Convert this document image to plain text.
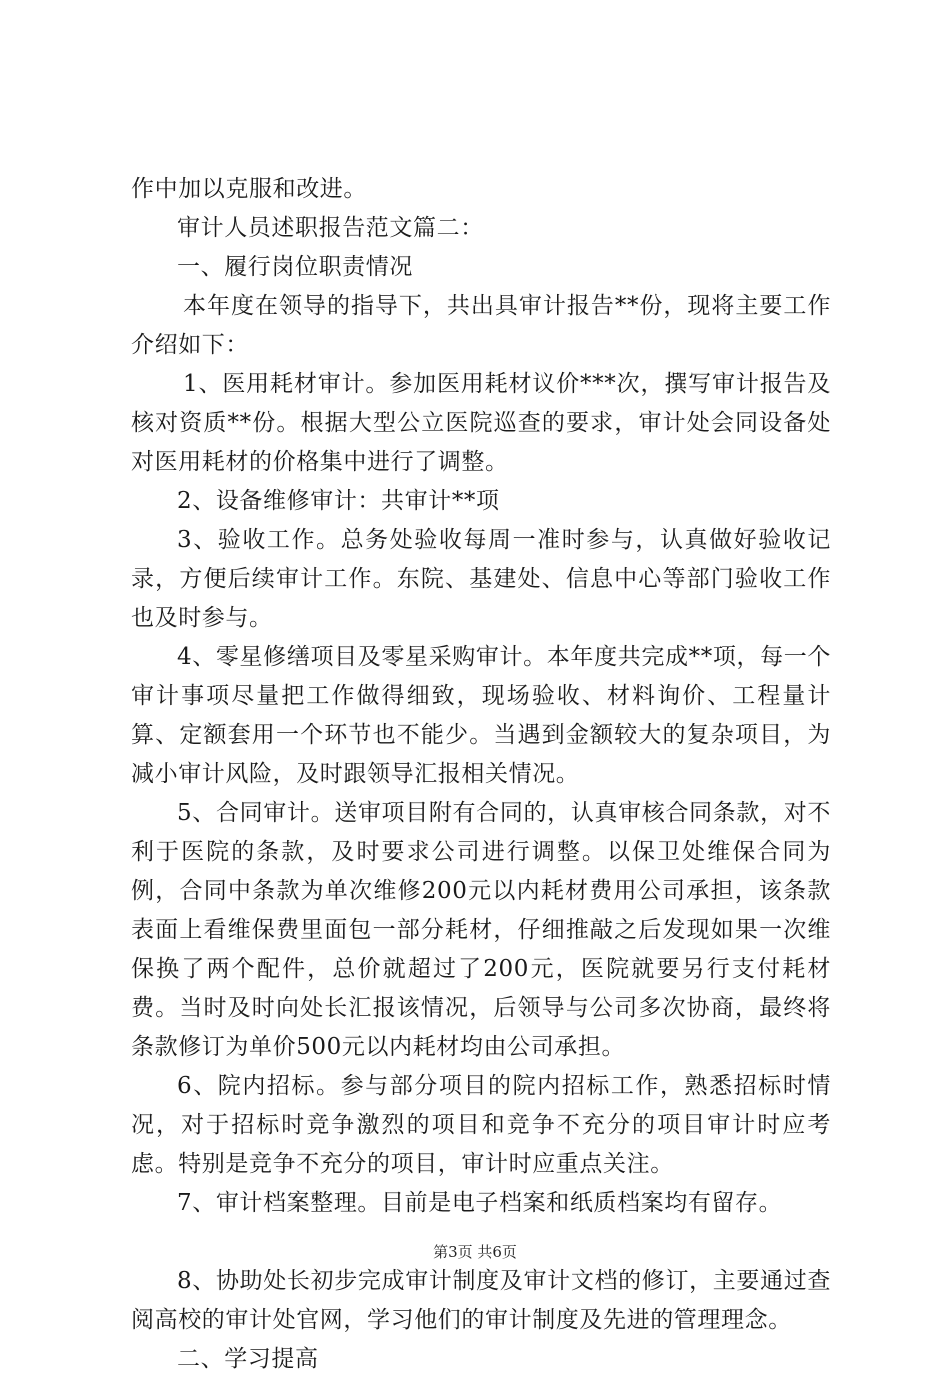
作中加以克服和改进。

审计人员述职报告范文篇二：

一、履行岗位职责情况

本年度在领导的指导下，共出具审计报告**份，现将主要工作介绍如下：

1、医用耗材审计。参加医用耗材议价***次，撰写审计报告及核对资质**份。根据大型公立医院巡查的要求，审计处会同设备处对医用耗材的价格集中进行了调整。

2、设备维修审计：共审计**项

3、验收工作。总务处验收每周一准时参与，认真做好验收记录，方便后续审计工作。东院、基建处、信息中心等部门验收工作也及时参与。

4、零星修缮项目及零星采购审计。本年度共完成**项，每一个审计事项尽量把工作做得细致，现场验收、材料询价、工程量计算、定额套用一个环节也不能少。当遇到金额较大的复杂项目，为减小审计风险，及时跟领导汇报相关情况。

5、合同审计。送审项目附有合同的，认真审核合同条款，对不利于医院的条款，及时要求公司进行调整。以保卫处维保合同为例，合同中条款为单次维修200元以内耗材费用公司承担，该条款表面上看维保费里面包一部分耗材，仔细推敲之后发现如果一次维保换了两个配件，总价就超过了200元，医院就要另行支付耗材费。当时及时向处长汇报该情况，后领导与公司多次协商，最终将条款修订为单价500元以内耗材均由公司承担。

6、院内招标。参与部分项目的院内招标工作，熟悉招标时情况，对于招标时竞争激烈的项目和竞争不充分的项目审计时应考虑。特别是竞争不充分的项目，审计时应重点关注。

7、审计档案整理。目前是电子档案和纸质档案均有留存。

8、协助处长初步完成审计制度及审计文档的修订，主要通过查阅高校的审计处官网，学习他们的审计制度及先进的管理理念。

二、学习提高

第3页 共6页
